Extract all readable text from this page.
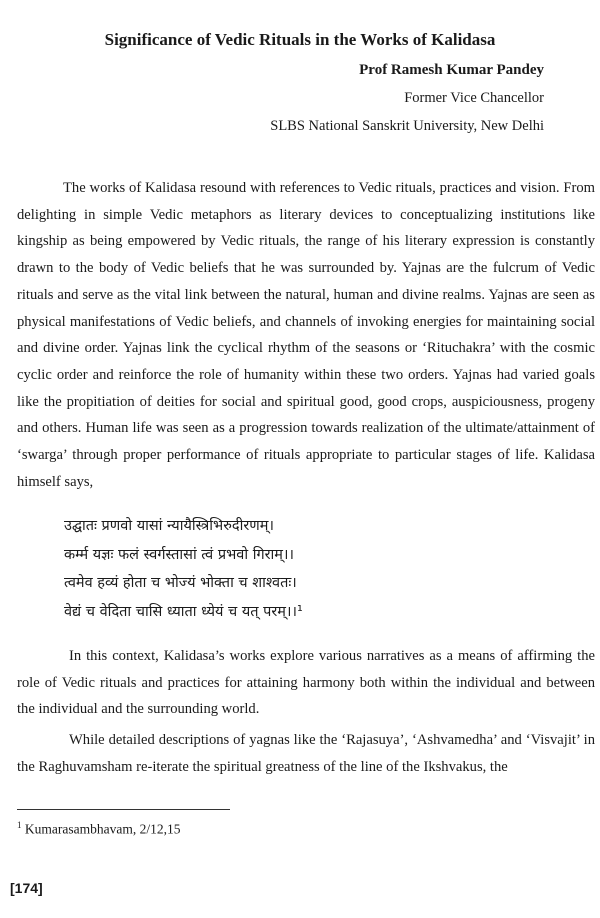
Significance of Vedic Rituals in the Works of Kalidasa
Prof Ramesh Kumar Pandey
Former Vice Chancellor
SLBS National Sanskrit University, New Delhi

The works of Kalidasa resound with references to Vedic rituals, practices and vision. From delighting in simple Vedic metaphors as literary devices to conceptualizing institutions like kingship as being empowered by Vedic rituals, the range of his literary expression is constantly drawn to the body of Vedic beliefs that he was surrounded by. Yajnas are the fulcrum of Vedic rituals and serve as the vital link between the natural, human and divine realms. Yajnas are seen as physical manifestations of Vedic beliefs, and channels of invoking energies for maintaining social and divine order. Yajnas link the cyclical rhythm of the seasons or ‘Rituchakra’ with the cosmic cyclic order and reinforce the role of humanity within these two orders. Yajnas had varied goals like the propitiation of deities for social and spiritual good, good crops, auspiciousness, progeny and others. Human life was seen as a progression towards realization of the ultimate/attainment of ‘swarga’ through proper performance of rituals appropriate to particular stages of life. Kalidasa himself says,

उद्घातः प्रणवो यासां न्यायैस्त्रिभिरुदीरणम्।
कर्म्म यज्ञः फलं स्वर्गस्तासां त्वं प्रभवो गिराम्।।
त्वमेव हव्यं होता च भोज्यं भोक्ता च शाश्वतः।
वेद्यं च वेदिता चासि ध्याता ध्येयं च यत् परम्।।¹

In this context, Kalidasa’s works explore various narratives as a means of affirming the role of Vedic rituals and practices for attaining harmony both within the individual and between the individual and the surrounding world.

While detailed descriptions of yagnas like the ‘Rajasuya’, ‘Ashvamedha’ and ‘Visvajit’ in the Raghuvamsham re-iterate the spiritual greatness of the line of the Ikshvakus, the

$^1$ Kumarasambhavam, 2/12,15
[174]
